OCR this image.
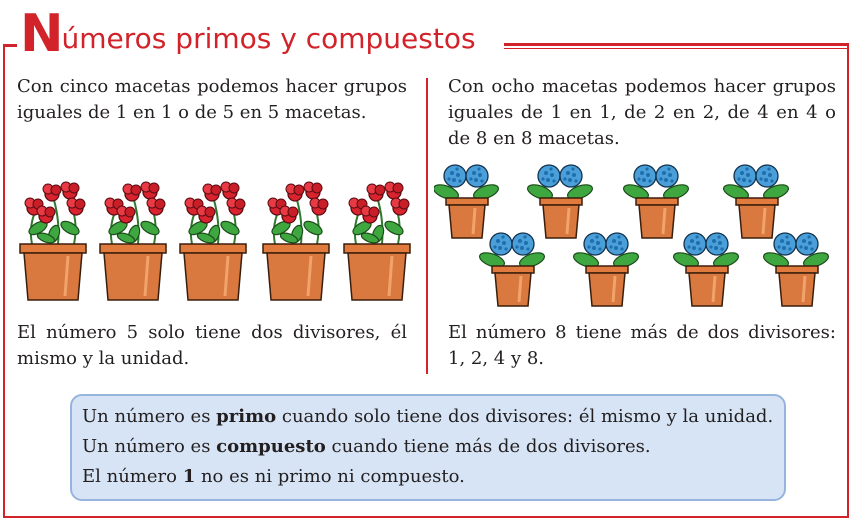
N úmeros primos y compuestos

Con cinco macetas podemos hacer grupos iguales de 1 en 1 o de 5 en 5 macetas.

Con ocho macetas podemos hacer grupos iguales de 1 en 1, de 2 en 2, de 4 en 4 o de 8 en 8 macetas.

El número 5 solo tiene dos divisores, él mismo y la unidad.

El número 8 tiene más de dos divisores: 1, 2, 4 y 8.

Un número es primo cuando solo tiene dos divisores: él mismo y la unidad.

Un número es compuesto cuando tiene más de dos divisores.

El número 1 no es ni primo ni compuesto.
